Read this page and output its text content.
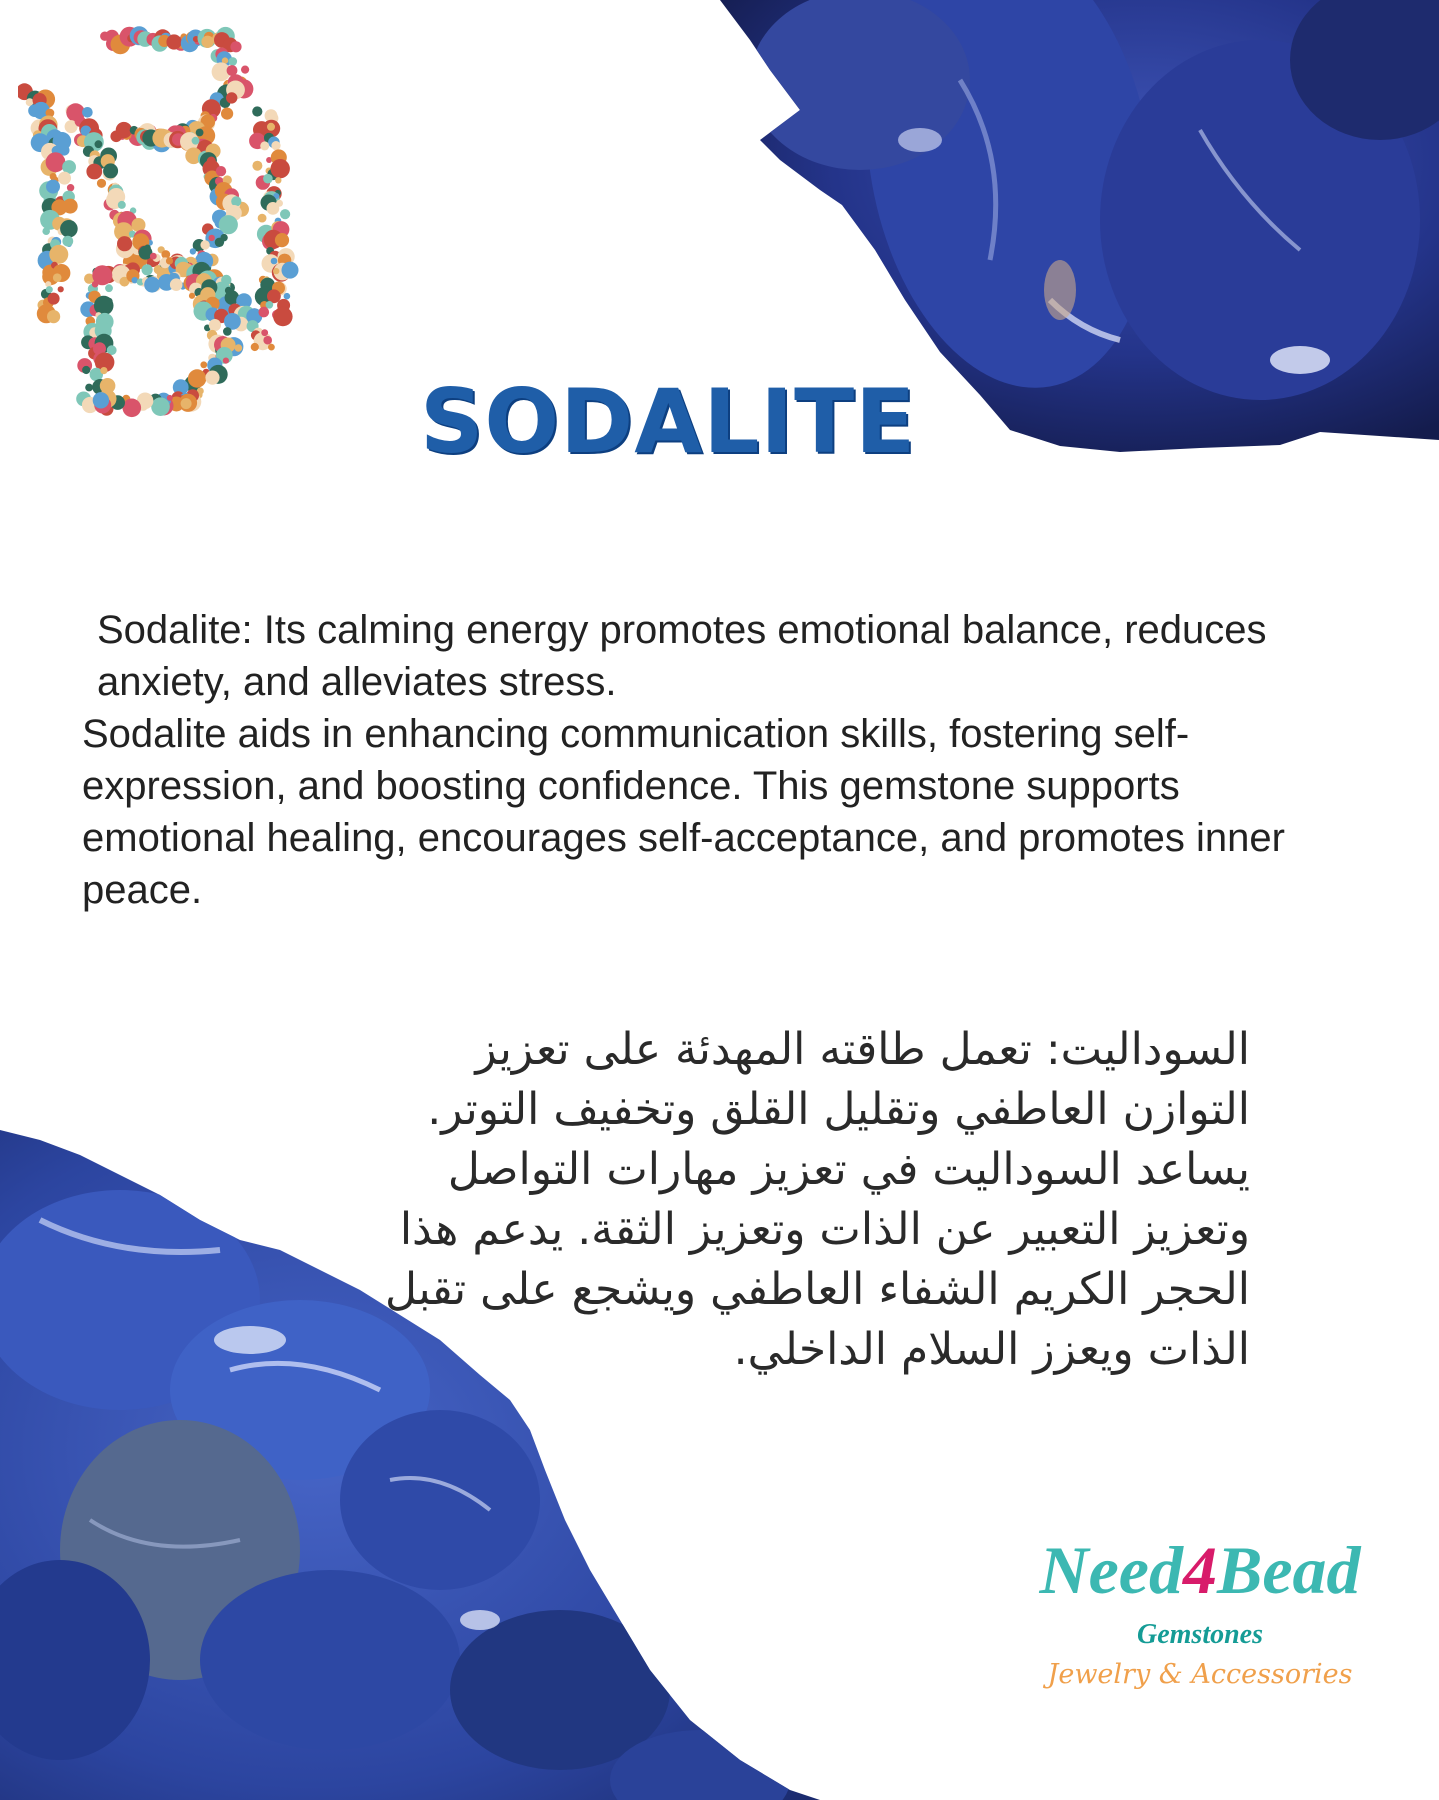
SODALITE

Sodalite: Its calming energy promotes emotional balance, reduces anxiety, and alleviates stress.

Sodalite aids in enhancing communication skills, fostering self-expression, and boosting confidence. This gemstone supports emotional healing, encourages self-acceptance, and promotes inner peace.

السوداليت: تعمل طاقته المهدئة على تعزيز التوازن العاطفي وتقليل القلق وتخفيف التوتر. يساعد السوداليت في تعزيز مهارات التواصل وتعزيز التعبير عن الذات وتعزيز الثقة. يدعم هذا الحجر الكريم الشفاء العاطفي ويشجع على تقبل الذات ويعزز السلام الداخلي.

Need4Bead
Gemstones
Jewelry & Accessories
